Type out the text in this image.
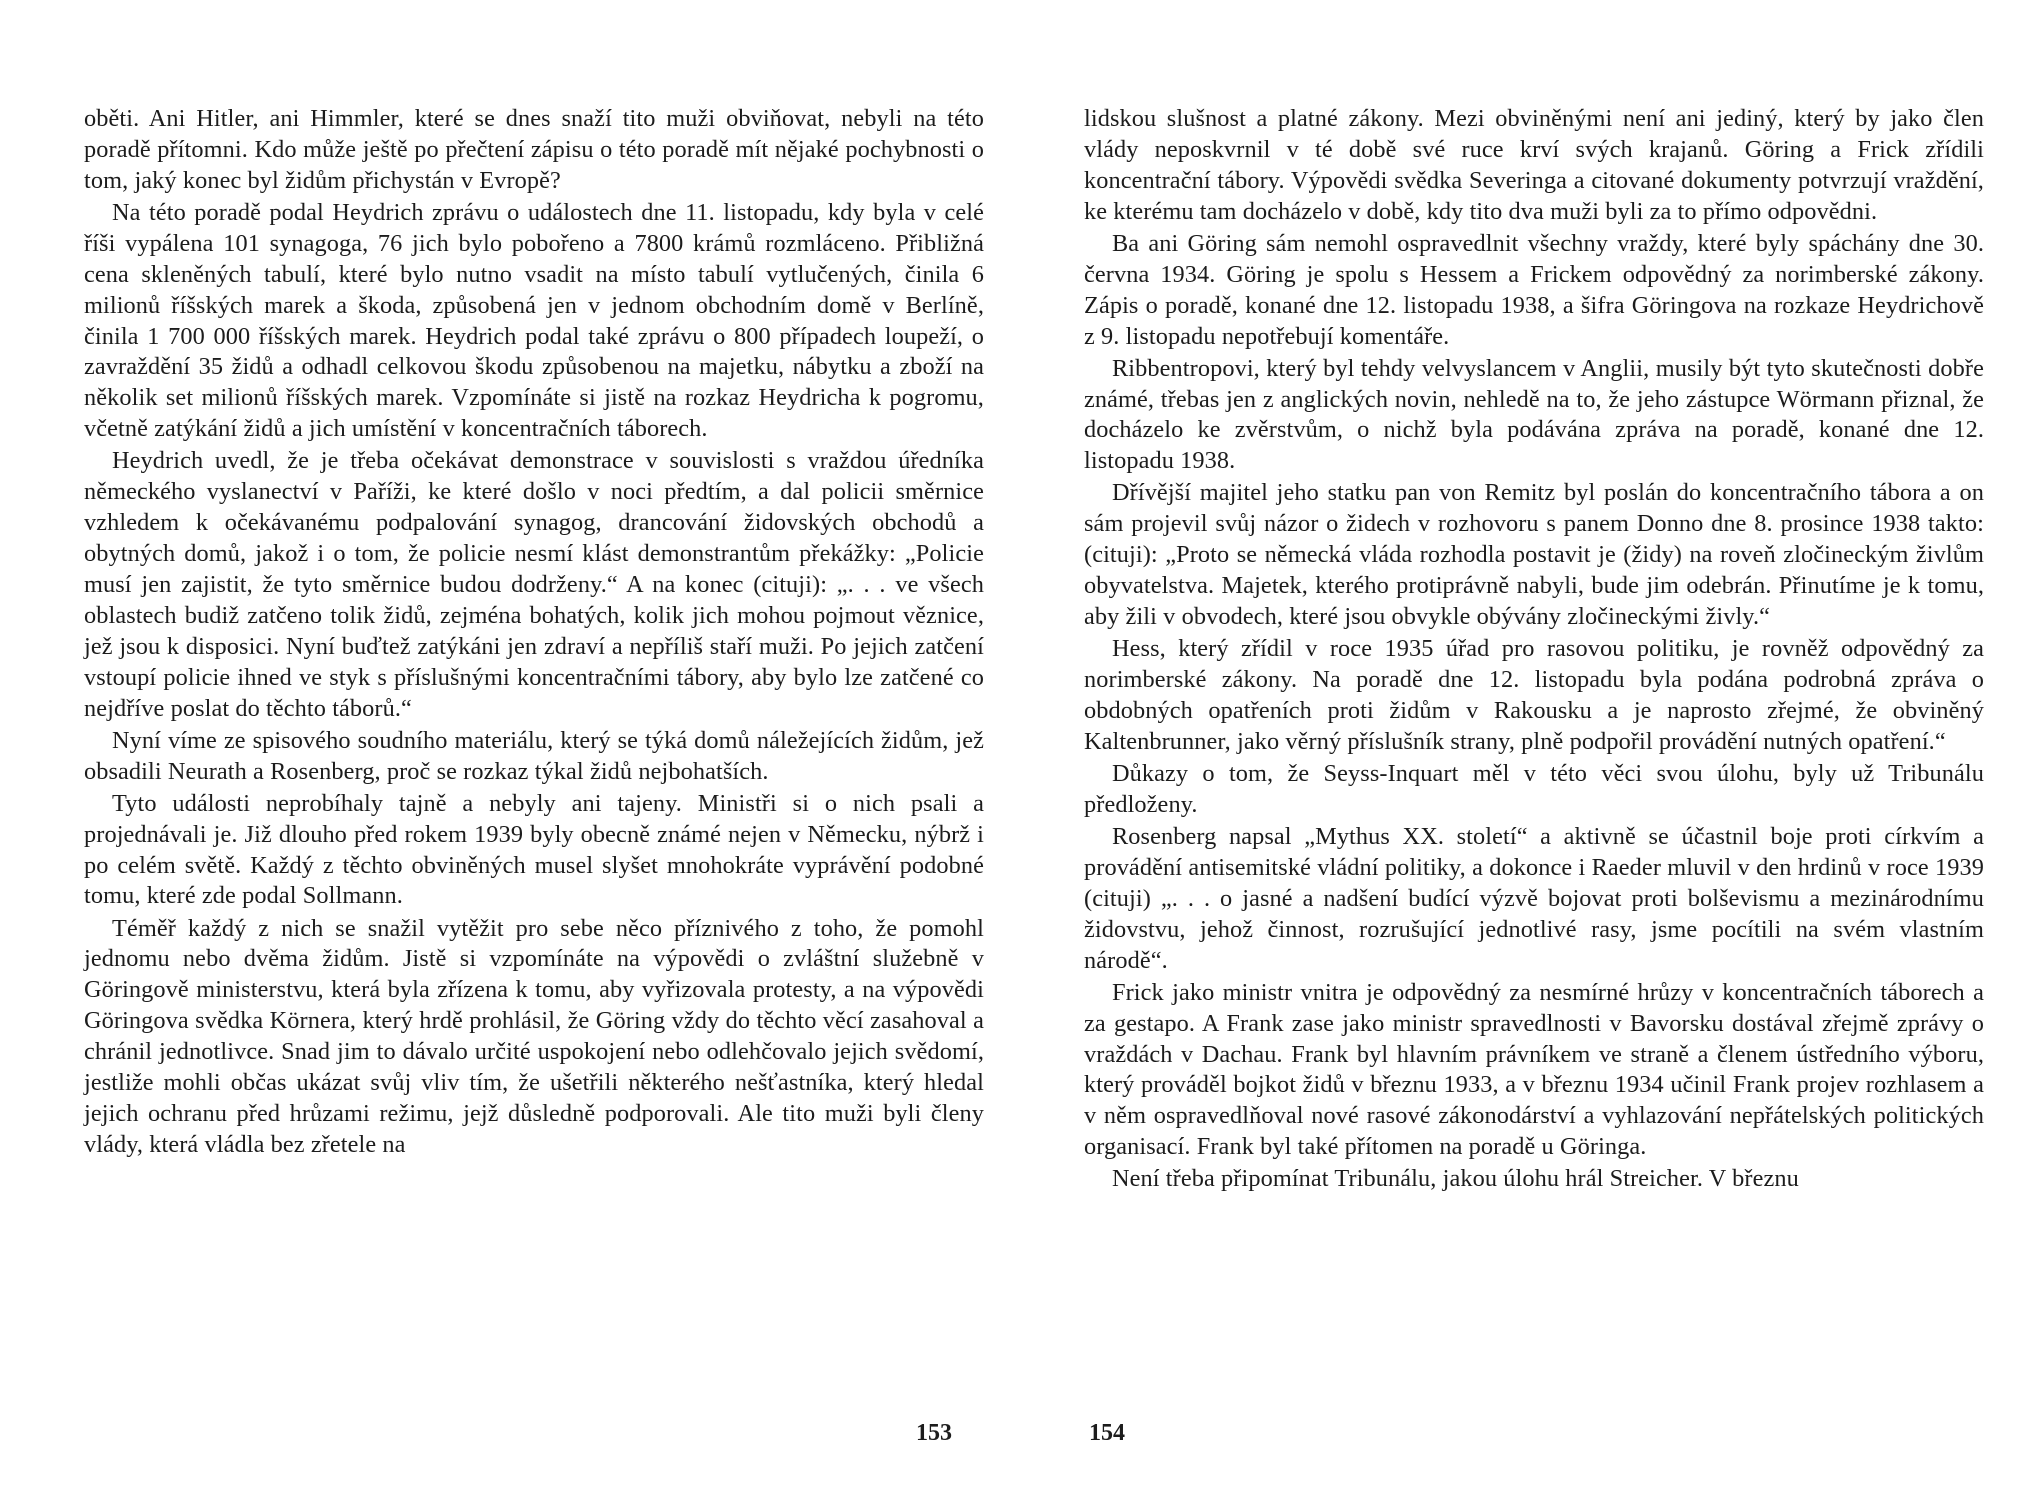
oběti. Ani Hitler, ani Himmler, které se dnes snaží tito muži obviňovat, nebyli na této poradě přítomni. Kdo může ještě po přečtení zápisu o této poradě mít nějaké pochybnosti o tom, jaký konec byl židům přichystán v Evropě?

Na této poradě podal Heydrich zprávu o událostech dne 11. listopadu, kdy byla v celé říši vypálena 101 synagoga, 76 jich bylo pobořeno a 7800 krámů rozmláceno. Přibližná cena skleněných tabulí, které bylo nutno vsadit na místo tabulí vytlučených, činila 6 milionů říšských marek a škoda, způsobená jen v jednom obchodním domě v Berlíně, činila 1 700 000 říšských marek. Heydrich podal také zprávu o 800 případech loupeží, o zavraždění 35 židů a odhadl celkovou škodu způsobenou na majetku, nábytku a zboží na několik set milionů říšských marek. Vzpomínáte si jistě na rozkaz Heydricha k pogromu, včetně zatýkání židů a jich umístění v koncentračních táborech.

Heydrich uvedl, že je třeba očekávat demonstrace v souvislosti s vraždou úředníka německého vyslanectví v Paříži, ke které došlo v noci předtím, a dal policii směrnice vzhledem k očekávanému podpalování synagog, drancování židovských obchodů a obytných domů, jakož i o tom, že policie nesmí klást demonstrantům překážky: „Policie musí jen zajistit, že tyto směrnice budou dodrženy.“ A na konec (cituji): „. . . ve všech oblastech budiž zatčeno tolik židů, zejména bohatých, kolik jich mohou pojmout věznice, jež jsou k disposici. Nyní buďtež zatýkáni jen zdraví a nepříliš staří muži. Po jejich zatčení vstoupí policie ihned ve styk s příslušnými koncentračními tábory, aby bylo lze zatčené co nejdříve poslat do těchto táborů.“

Nyní víme ze spisového soudního materiálu, který se týká domů náležejících židům, jež obsadili Neurath a Rosenberg, proč se rozkaz týkal židů nejbohatších.

Tyto události neprobíhaly tajně a nebyly ani tajeny. Ministři si o nich psali a projednávali je. Již dlouho před rokem 1939 byly obecně známé nejen v Německu, nýbrž i po celém světě. Každý z těchto obviněných musel slyšet mnohokráte vyprávění podobné tomu, které zde podal Sollmann.

Téměř každý z nich se snažil vytěžit pro sebe něco příznivého z toho, že pomohl jednomu nebo dvěma židům. Jistě si vzpomínáte na výpovědi o zvláštní služebně v Göringově ministerstvu, která byla zřízena k tomu, aby vyřizovala protesty, a na výpovědi Göringova svědka Körnera, který hrdě prohlásil, že Göring vždy do těchto věcí zasahoval a chránil jednotlivce. Snad jim to dávalo určité uspokojení nebo odlehčovalo jejich svědomí, jestliže mohli občas ukázat svůj vliv tím, že ušetřili některého nešťastníka, který hledal jejich ochranu před hrůzami režimu, jejž důsledně podporovali. Ale tito muži byli členy vlády, která vládla bez zřetele na

153

lidskou slušnost a platné zákony. Mezi obviněnými není ani jediný, který by jako člen vlády neposkvrnil v té době své ruce krví svých krajanů. Göring a Frick zřídili koncentrační tábory. Výpovědi svědka Severinga a citované dokumenty potvrzují vraždění, ke kterému tam docházelo v době, kdy tito dva muži byli za to přímo odpovědni.

Ba ani Göring sám nemohl ospravedlnit všechny vraždy, které byly spáchány dne 30. června 1934. Göring je spolu s Hessem a Frickem odpovědný za norimberské zákony. Zápis o poradě, konané dne 12. listopadu 1938, a šifra Göringova na rozkaze Heydrichově z 9. listopadu nepotřebují komentáře.

Ribbentropovi, který byl tehdy velvyslancem v Anglii, musily být tyto skutečnosti dobře známé, třebas jen z anglických novin, nehledě na to, že jeho zástupce Wörmann přiznal, že docházelo ke zvěrstvům, o nichž byla podávána zpráva na poradě, konané dne 12. listopadu 1938.

Dřívější majitel jeho statku pan von Remitz byl poslán do koncentračního tábora a on sám projevil svůj názor o židech v rozhovoru s panem Donno dne 8. prosince 1938 takto: (cituji): „Proto se německá vláda rozhodla postavit je (židy) na roveň zločineckým živlům obyvatelstva. Majetek, kterého protiprávně nabyli, bude jim odebrán. Přinutíme je k tomu, aby žili v obvodech, které jsou obvykle obývány zločineckými živly.“

Hess, který zřídil v roce 1935 úřad pro rasovou politiku, je rovněž odpovědný za norimberské zákony. Na poradě dne 12. listopadu byla podána podrobná zpráva o obdobných opatřeních proti židům v Rakousku a je naprosto zřejmé, že obviněný Kaltenbrunner, jako věrný příslušník strany, plně podpořil provádění nutných opatření.“

Důkazy o tom, že Seyss-Inquart měl v této věci svou úlohu, byly už Tribunálu předloženy.

Rosenberg napsal „Mythus XX. století“ a aktivně se účastnil boje proti církvím a provádění antisemitské vládní politiky, a dokonce i Raeder mluvil v den hrdinů v roce 1939 (cituji) „. . . o jasné a nadšení budící výzvě bojovat proti bolševismu a mezinárodnímu židovstvu, jehož činnost, rozrušující jednotlivé rasy, jsme pocítili na svém vlastním národě“.

Frick jako ministr vnitra je odpovědný za nesmírné hrůzy v koncentračních táborech a za gestapo. A Frank zase jako ministr spravedlnosti v Bavorsku dostával zřejmě zprávy o vraždách v Dachau. Frank byl hlavním právníkem ve straně a členem ústředního výboru, který prováděl bojkot židů v březnu 1933, a v březnu 1934 učinil Frank projev rozhlasem a v něm ospravedlňoval nové rasové zákonodárství a vyhlazování nepřátelských politických organisací. Frank byl také přítomen na poradě u Göringa.

Není třeba připomínat Tribunálu, jakou úlohu hrál Streicher. V březnu

154
